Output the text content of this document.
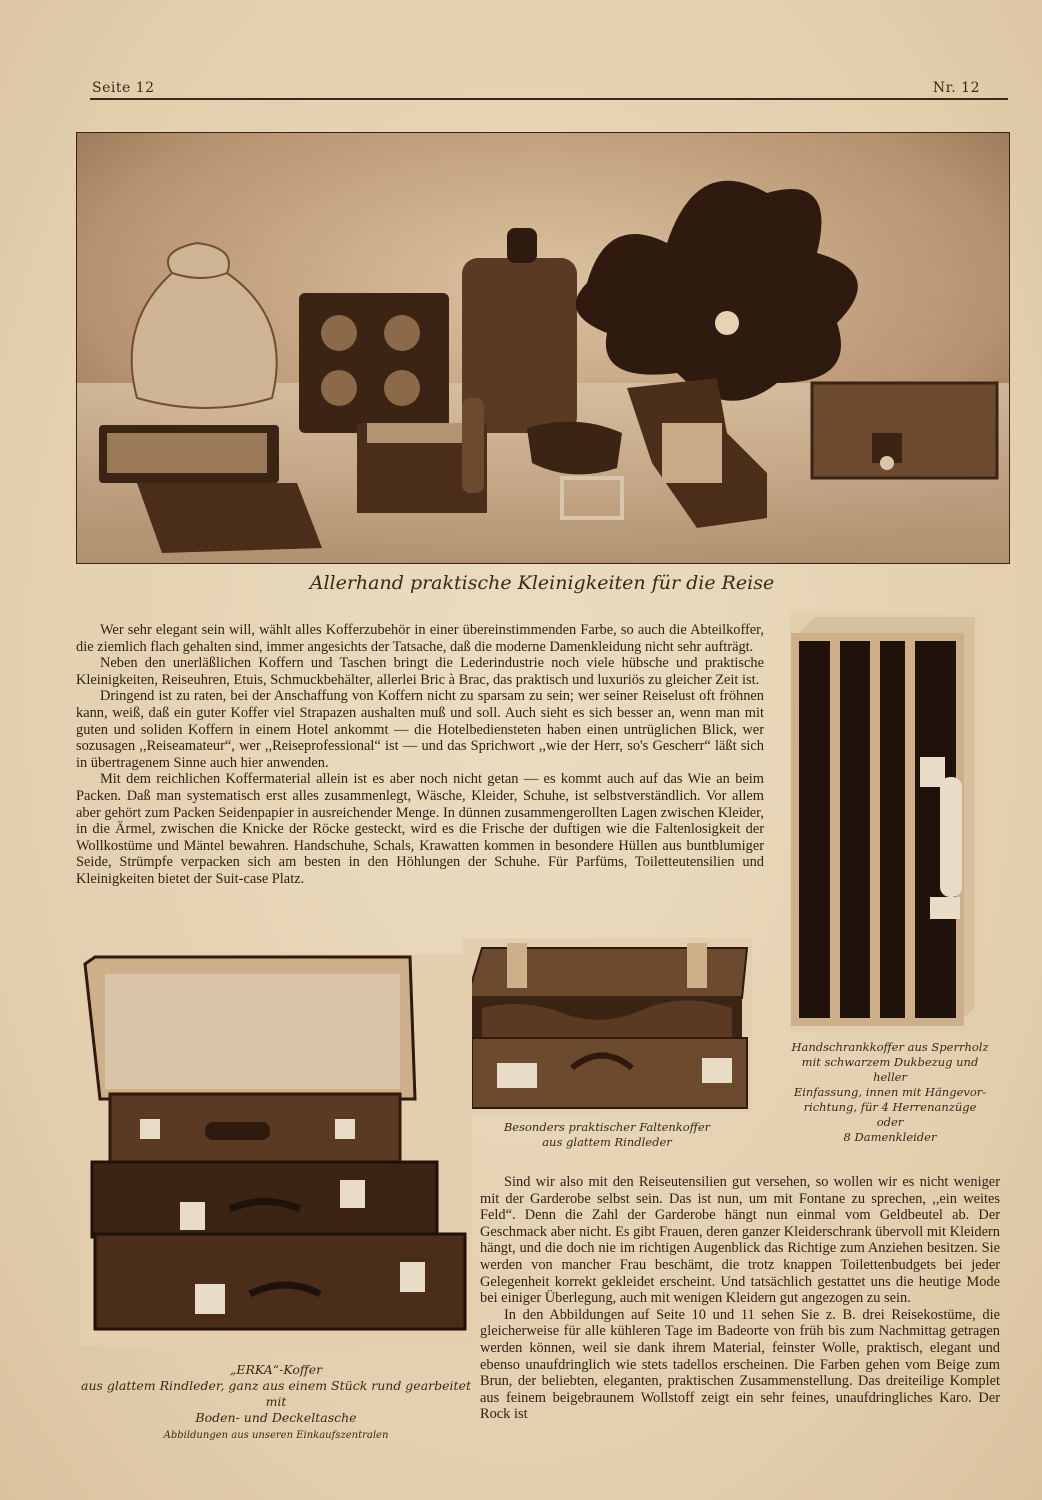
Seite 12	Nr. 12
Allerhand praktische Kleinigkeiten für die Reise

Wer sehr elegant sein will, wählt alles Kofferzubehör in einer übereinstimmenden Farbe, so auch die Abteilkoffer, die ziemlich flach gehalten sind, immer angesichts der Tatsache, daß die moderne Damenkleidung nicht sehr aufträgt.

Neben den unerläßlichen Koffern und Taschen bringt die Lederindustrie noch viele hübsche und praktische Kleinigkeiten, Reiseuhren, Etuis, Schmuckbehälter, allerlei Bric à Brac, das praktisch und luxuriös zu gleicher Zeit ist.

Dringend ist zu raten, bei der Anschaffung von Koffern nicht zu sparsam zu sein; wer seiner Reiselust oft fröhnen kann, weiß, daß ein guter Koffer viel Strapazen aushalten muß und soll. Auch sieht es sich besser an, wenn man mit guten und soliden Koffern in einem Hotel ankommt — die Hotelbediensteten haben einen untrüglichen Blick, wer sozusagen ,,Reiseamateur“, wer ,,Reiseprofessional“ ist — und das Sprichwort ,,wie der Herr, so's Gescherr“ läßt sich in übertragenem Sinne auch hier anwenden.

Mit dem reichlichen Koffermaterial allein ist es aber noch nicht getan — es kommt auch auf das Wie an beim Packen. Daß man systematisch erst alles zusammenlegt, Wäsche, Kleider, Schuhe, ist selbstverständlich. Vor allem aber gehört zum Packen Seidenpapier in ausreichender Menge. In dünnen zusammengerollten Lagen zwischen Kleider, in die Ärmel, zwischen die Knicke der Röcke gesteckt, wird es die Frische der duftigen wie die Faltenlosigkeit der Wollkostüme und Mäntel bewahren. Handschuhe, Schals, Krawatten kommen in besondere Hüllen aus buntblumiger Seide, Strümpfe verpacken sich am besten in den Höhlungen der Schuhe. Für Parfüms, Toiletteutensilien und Kleinigkeiten bietet der Suit-case Platz.

Handschrankkoffer aus Sperrholz
mit schwarzem Dukbezug und heller
Einfassung, innen mit Hängevor-
richtung, für 4 Herrenanzüge oder
8 Damenkleider
Besonders praktischer Faltenkoffer
aus glattem Rindleder
„ERKA“-Koffer
aus glattem Rindleder, ganz aus einem Stück rund gearbeitet mit
Boden- und Deckeltasche
Abbildungen aus unseren Einkaufszentralen

Sind wir also mit den Reiseutensilien gut versehen, so wollen wir es nicht weniger mit der Garderobe selbst sein. Das ist nun, um mit Fontane zu sprechen, ,,ein weites Feld“. Denn die Zahl der Garderobe hängt nun einmal vom Geldbeutel ab. Der Geschmack aber nicht. Es gibt Frauen, deren ganzer Kleiderschrank übervoll mit Kleidern hängt, und die doch nie im richtigen Augenblick das Richtige zum Anziehen besitzen. Sie werden von mancher Frau beschämt, die trotz knappen Toilettenbudgets bei jeder Gelegenheit korrekt gekleidet erscheint. Und tatsächlich gestattet uns die heutige Mode bei einiger Überlegung, auch mit wenigen Kleidern gut angezogen zu sein.

In den Abbildungen auf Seite 10 und 11 sehen Sie z. B. drei Reisekostüme, die gleicherweise für alle kühleren Tage im Badeorte von früh bis zum Nachmittag getragen werden können, weil sie dank ihrem Material, feinster Wolle, praktisch, elegant und ebenso unaufdringlich wie stets tadellos erscheinen. Die Farben gehen vom Beige zum Brun, der beliebten, eleganten, praktischen Zusammenstellung. Das dreiteilige Komplet aus feinem beigebraunem Wollstoff zeigt ein sehr feines, unaufdringliches Karo. Der Rock ist
